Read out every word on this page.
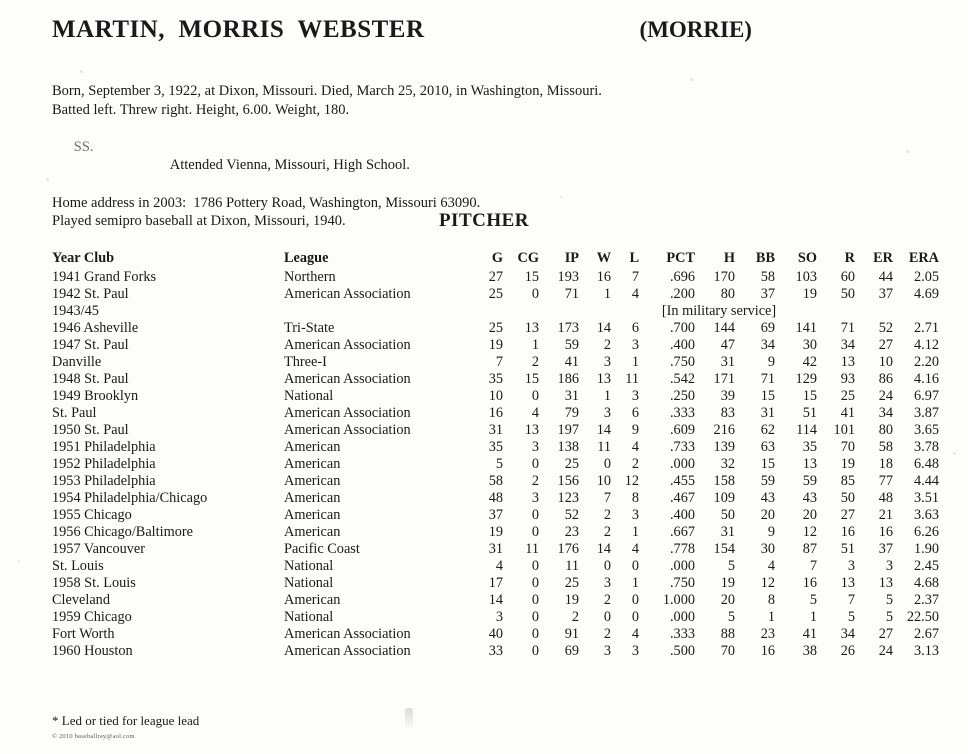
MARTIN,  MORRIS  WEBSTER	(MORRIE)
Born, September 3, 1922, at Dixon, Missouri. Died, March 25, 2010, in Washington, Missouri.
Batted left. Threw right. Height, 6.00. Weight, 180.

SS.
Attended Vienna, Missouri, High School.

Home address in 2003:  1786 Pottery Road, Washington, Missouri 63090.
Played semipro baseball at Dixon, Missouri, 1940.	PITCHER
Year Club	League	G	CG	IP	W	L	PCT	H	BB	SO	R	ER	ERA
1941 Grand Forks	Northern	27	15	193	16	7	.696	170	58	103	60	44	2.05
1942 St. Paul	American Association	25	0	71	1	4	.200	80	37	19	50	37	4.69
1943/45		[In military service]											
1946 Asheville	Tri-State	25	13	173	14	6	.700	144	69	141	71	52	2.71
1947 St. Paul	American Association	19	1	59	2	3	.400	47	34	30	34	27	4.12
Danville	Three-I	7	2	41	3	1	.750	31	9	42	13	10	2.20
1948 St. Paul	American Association	35	15	186	13	11	.542	171	71	129	93	86	4.16
1949 Brooklyn	National	10	0	31	1	3	.250	39	15	15	25	24	6.97
St. Paul	American Association	16	4	79	3	6	.333	83	31	51	41	34	3.87
1950 St. Paul	American Association	31	13	197	14	9	.609	216	62	114	101	80	3.65
1951 Philadelphia	American	35	3	138	11	4	.733	139	63	35	70	58	3.78
1952 Philadelphia	American	5	0	25	0	2	.000	32	15	13	19	18	6.48
1953 Philadelphia	American	58	2	156	10	12	.455	158	59	59	85	77	4.44
1954 Philadelphia/Chicago	American	48	3	123	7	8	.467	109	43	43	50	48	3.51
1955 Chicago	American	37	0	52	2	3	.400	50	20	20	27	21	3.63
1956 Chicago/Baltimore	American	19	0	23	2	1	.667	31	9	12	16	16	6.26
1957 Vancouver	Pacific Coast	31	11	176	14	4	.778	154	30	87	51	37	1.90
St. Louis	National	4	0	11	0	0	.000	5	4	7	3	3	2.45
1958 St. Louis	National	17	0	25	3	1	.750	19	12	16	13	13	4.68
Cleveland	American	14	0	19	2	0	1.000	20	8	5	7	5	2.37
1959 Chicago	National	3	0	2	0	0	.000	5	1	1	5	5	22.50
Fort Worth	American Association	40	0	91	2	4	.333	88	23	41	34	27	2.67
1960 Houston	American Association	33	0	69	3	3	.500	70	16	38	26	24	3.13
* Led or tied for league lead
© 2010 baseballray@aol.com
